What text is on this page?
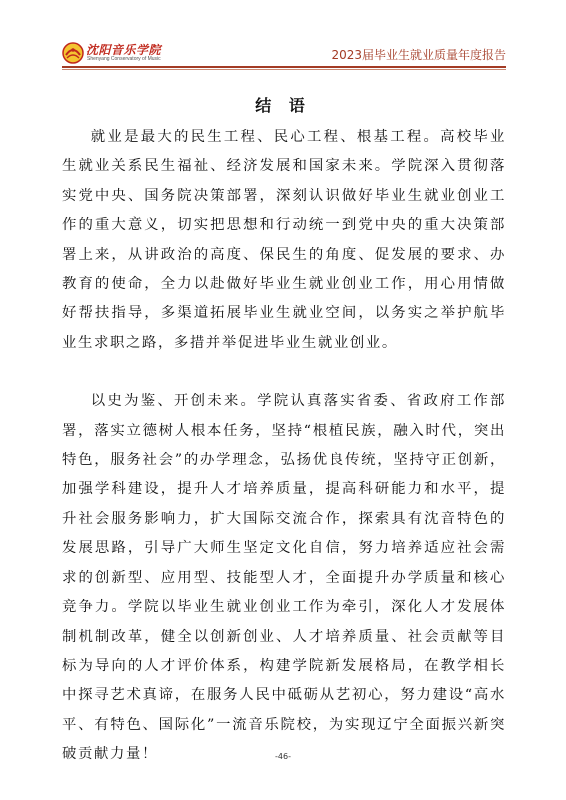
沈阳音乐学院
Shenyang Conservatory of Music	2023届毕业生就业质量年度报告
结 语

就业是最大的民生工程、民心工程、根基工程。高校毕业生就业关系民生福祉、经济发展和国家未来。学院深入贯彻落实党中央、国务院决策部署，深刻认识做好毕业生就业创业工作的重大意义，切实把思想和行动统一到党中央的重大决策部署上来，从讲政治的高度、保民生的角度、促发展的要求、办教育的使命，全力以赴做好毕业生就业创业工作，用心用情做好帮扶指导，多渠道拓展毕业生就业空间，以务实之举护航毕业生求职之路，多措并举促进毕业生就业创业。

以史为鉴、开创未来。学院认真落实省委、省政府工作部署，落实立德树人根本任务，坚持“根植民族，融入时代，突出特色，服务社会”的办学理念，弘扬优良传统，坚持守正创新，加强学科建设，提升人才培养质量，提高科研能力和水平，提升社会服务影响力，扩大国际交流合作，探索具有沈音特色的发展思路，引导广大师生坚定文化自信，努力培养适应社会需求的创新型、应用型、技能型人才，全面提升办学质量和核心竞争力。学院以毕业生就业创业工作为牵引，深化人才发展体制机制改革，健全以创新创业、人才培养质量、社会贡献等目标为导向的人才评价体系，构建学院新发展格局，在教学相长中探寻艺术真谛，在服务人民中砥砺从艺初心，努力建设“高水平、有特色、国际化”一流音乐院校，为实现辽宁全面振兴新突破贡献力量！	-46-
